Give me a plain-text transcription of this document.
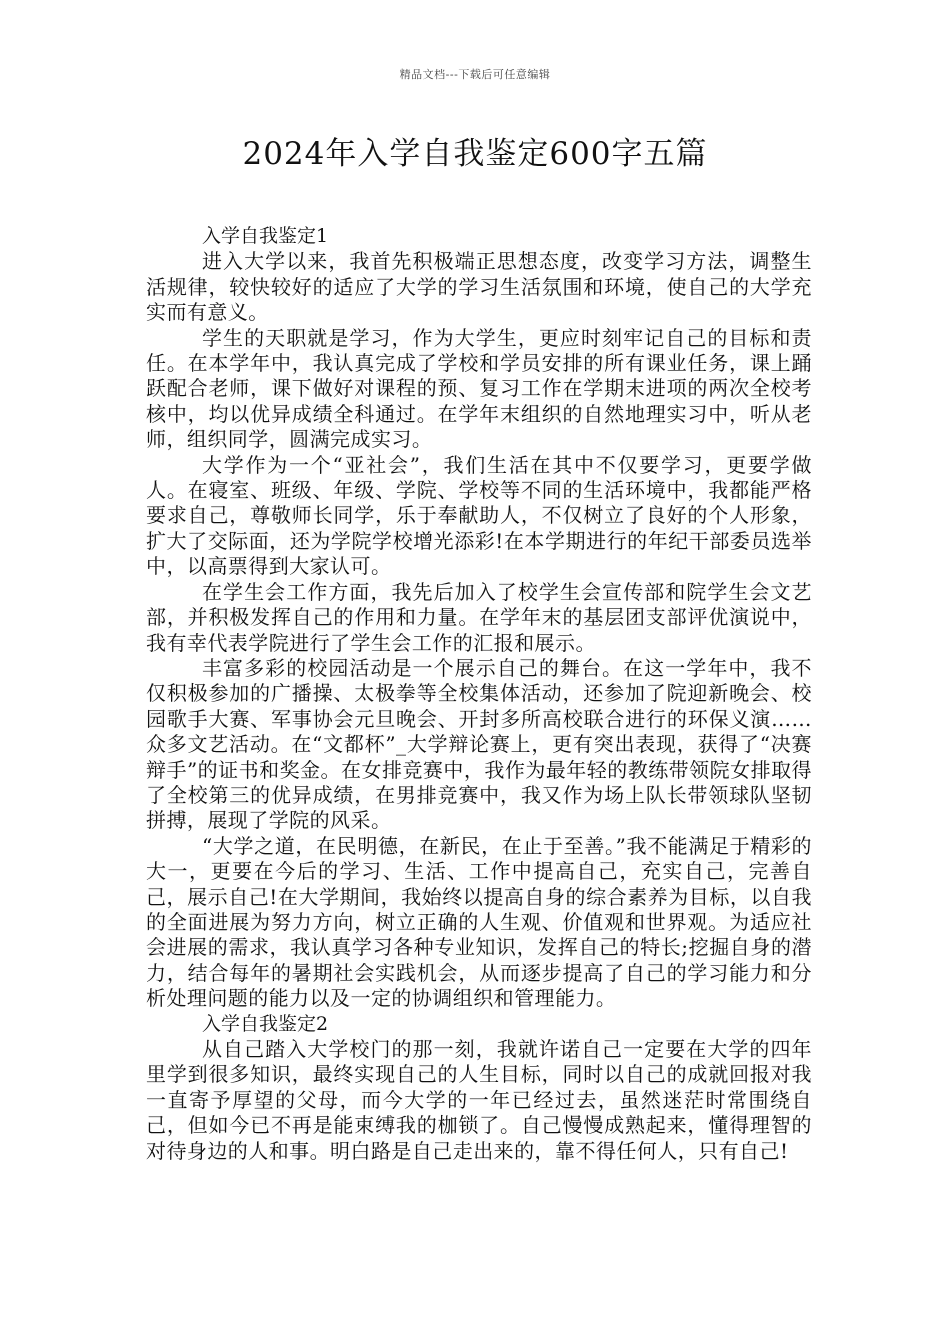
精品文档---下载后可任意编辑
2024年入学自我鉴定600字五篇

入学自我鉴定1

进入大学以来，我首先积极端正思想态度，改变学习方法，调整生活规律，较快较好的适应了大学的学习生活氛围和环境，使自己的大学充实而有意义。

学生的天职就是学习，作为大学生，更应时刻牢记自己的目标和责任。在本学年中，我认真完成了学校和学员安排的所有课业任务，课上踊跃配合老师，课下做好对课程的预、复习工作在学期末进项的两次全校考核中，均以优异成绩全科通过。在学年末组织的自然地理实习中，听从老师，组织同学，圆满完成实习。

大学作为一个“亚社会”，我们生活在其中不仅要学习，更要学做人。在寝室、班级、年级、学院、学校等不同的生活环境中，我都能严格要求自己，尊敬师长同学，乐于奉献助人，不仅树立了良好的个人形象，扩大了交际面，还为学院学校增光添彩!在本学期进行的年纪干部委员选举中，以高票得到大家认可。

在学生会工作方面，我先后加入了校学生会宣传部和院学生会文艺部，并积极发挥自己的作用和力量。在学年末的基层团支部评优演说中，我有幸代表学院进行了学生会工作的汇报和展示。

丰富多彩的校园活动是一个展示自己的舞台。在这一学年中，我不仅积极参加的广播操、太极拳等全校集体活动，还参加了院迎新晚会、校园歌手大赛、军事协会元旦晚会、开封多所高校联合进行的环保义演……众多文艺活动。在“文都杯”_大学辩论赛上，更有突出表现，获得了“决赛辩手”的证书和奖金。在女排竞赛中，我作为最年轻的教练带领院女排取得了全校第三的优异成绩，在男排竞赛中，我又作为场上队长带领球队坚韧拼搏，展现了学院的风采。

“大学之道，在民明德，在新民，在止于至善。”我不能满足于精彩的大一，更要在今后的学习、生活、工作中提高自己，充实自己，完善自己，展示自己!在大学期间，我始终以提高自身的综合素养为目标，以自我的全面进展为努力方向，树立正确的人生观、价值观和世界观。为适应社会进展的需求，我认真学习各种专业知识，发挥自己的特长;挖掘自身的潜力，结合每年的暑期社会实践机会，从而逐步提高了自己的学习能力和分析处理问题的能力以及一定的协调组织和管理能力。

入学自我鉴定2

从自己踏入大学校门的那一刻，我就许诺自己一定要在大学的四年里学到很多知识，最终实现自己的人生目标，同时以自己的成就回报对我一直寄予厚望的父母，而今大学的一年已经过去，虽然迷茫时常围绕自己，但如今已不再是能束缚我的枷锁了。自己慢慢成熟起来，懂得理智的对待身边的人和事。明白路是自己走出来的，靠不得任何人，只有自己!
